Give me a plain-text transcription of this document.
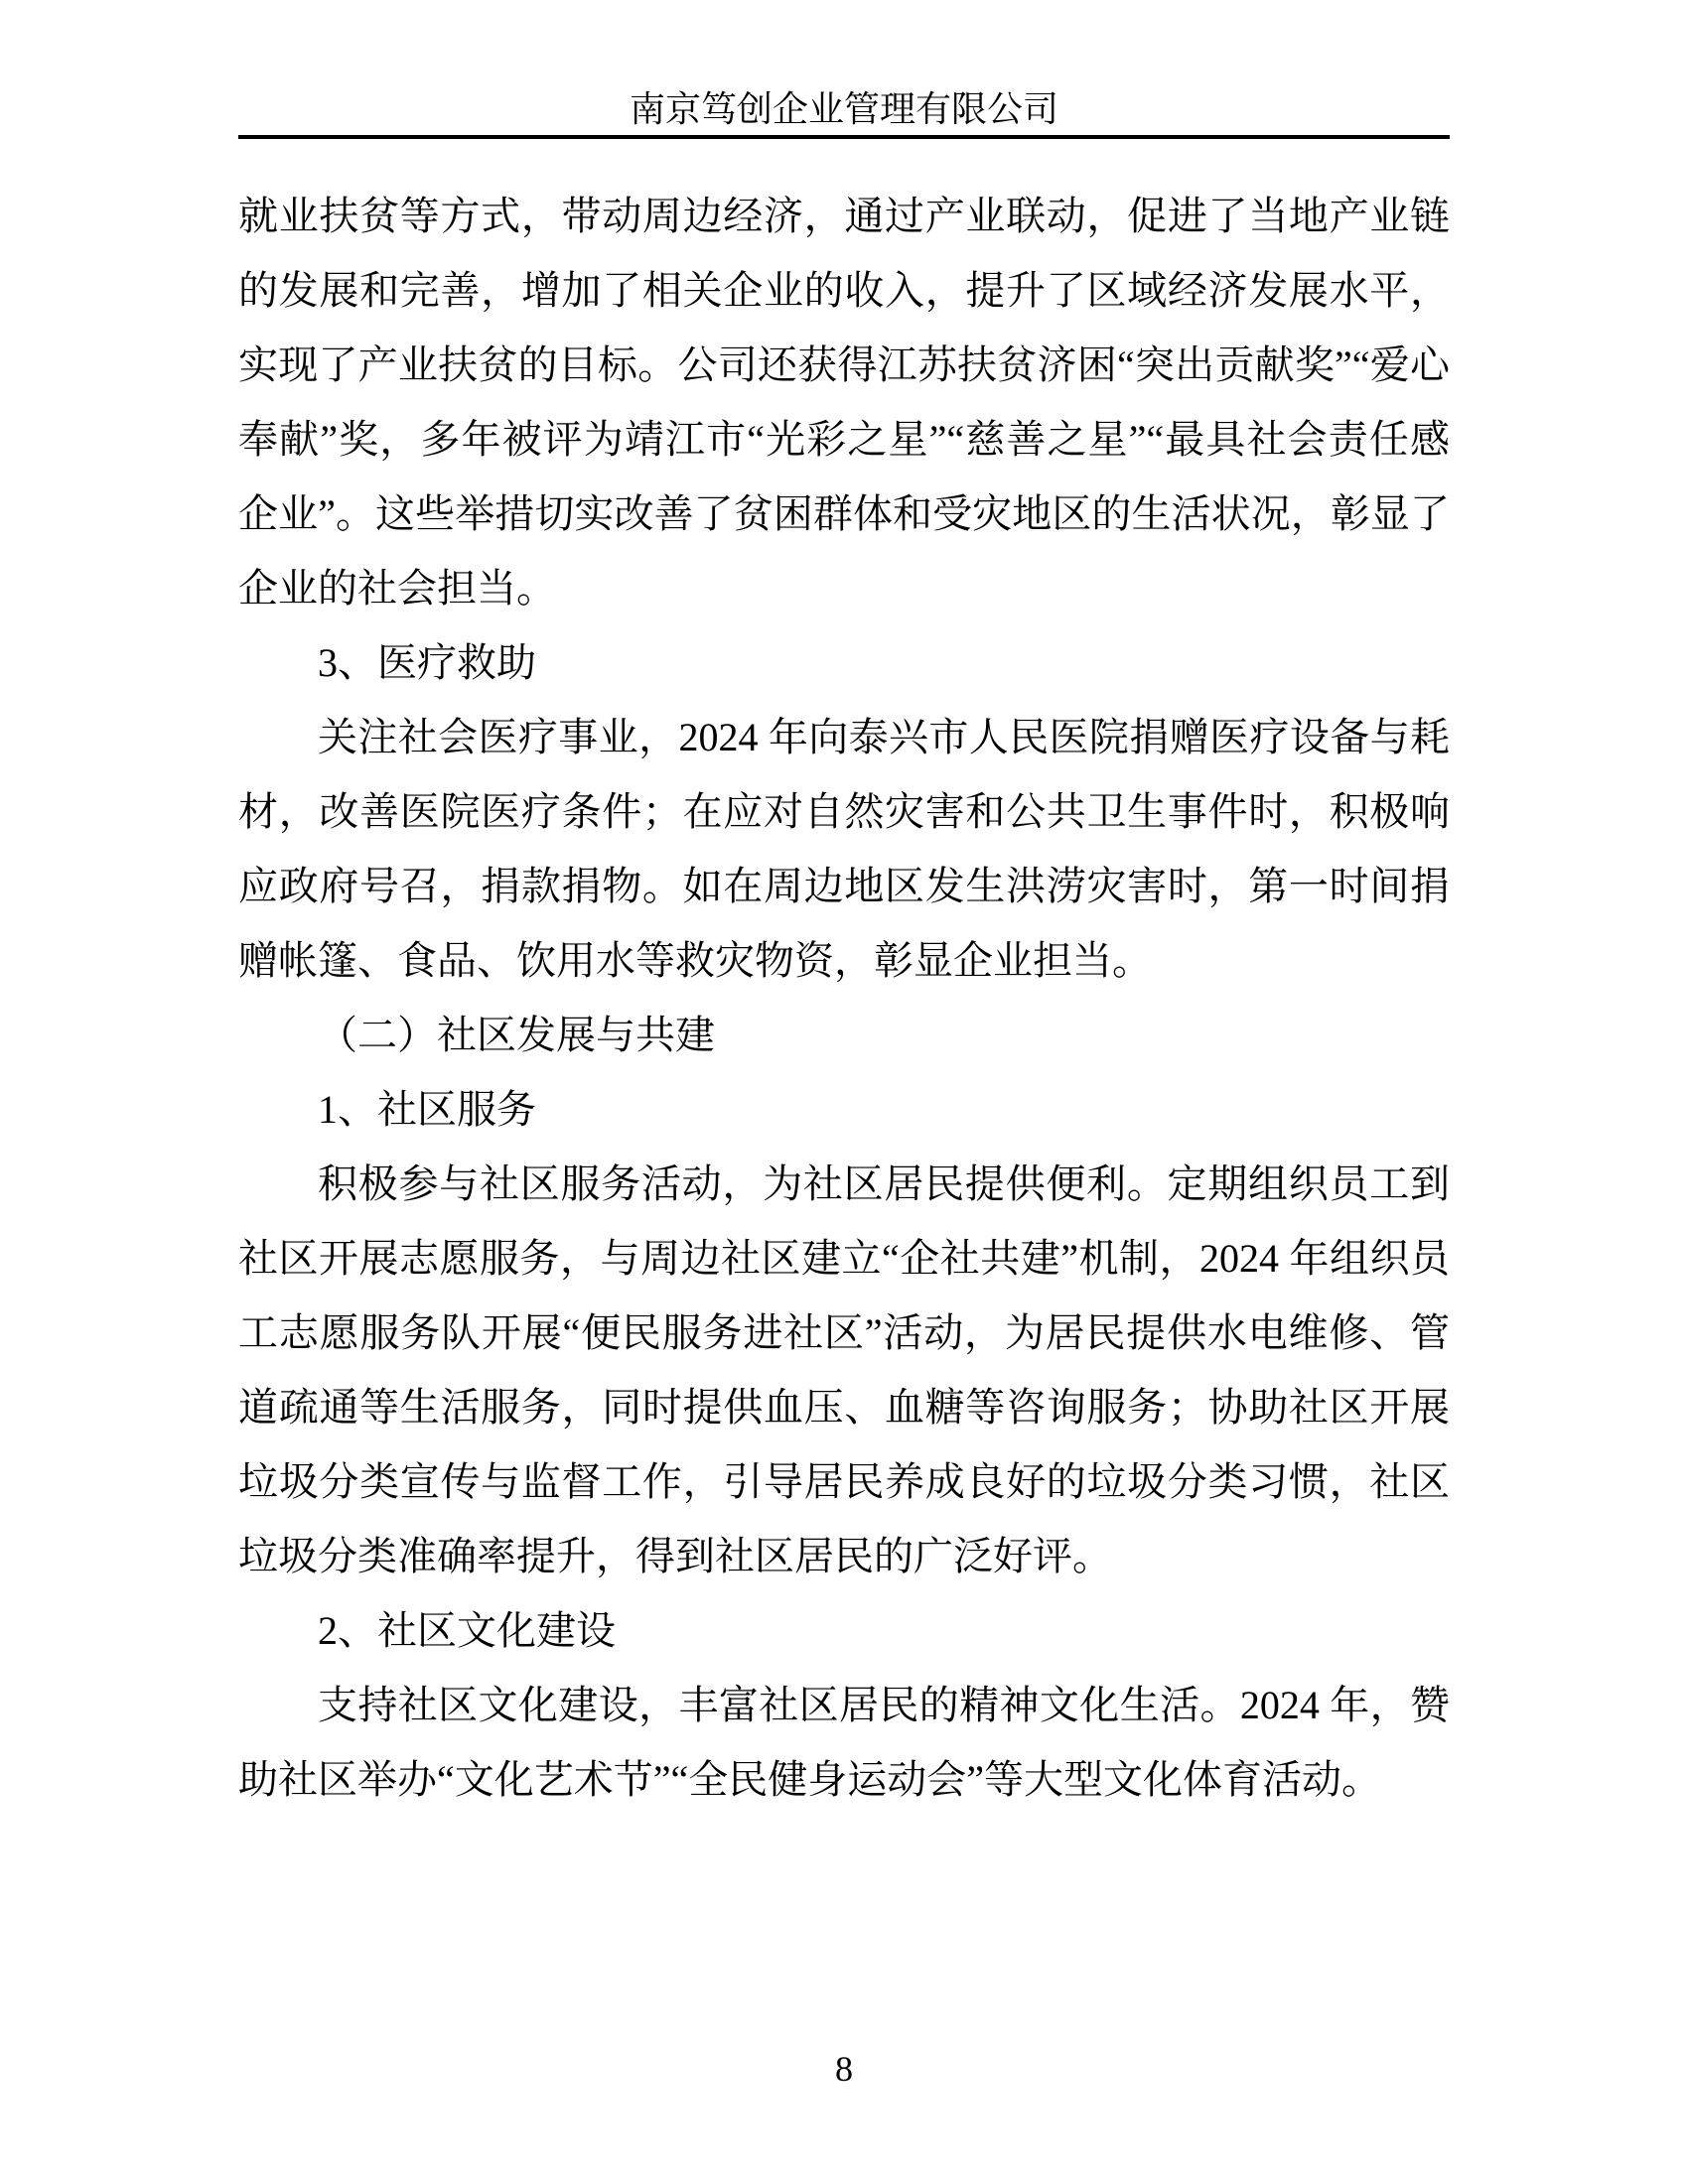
南京笃创企业管理有限公司

就业扶贫等方式，带动周边经济，通过产业联动，促进了当地产业链的发展和完善，增加了相关企业的收入，提升了区域经济发展水平，实现了产业扶贫的目标。公司还获得江苏扶贫济困“突出贡献奖”“爱心奉献”奖，多年被评为靖江市“光彩之星”“慈善之星”“最具社会责任感企业”。这些举措切实改善了贫困群体和受灾地区的生活状况，彰显了企业的社会担当。

3、医疗救助

关注社会医疗事业，2024 年向泰兴市人民医院捐赠医疗设备与耗材，改善医院医疗条件；在应对自然灾害和公共卫生事件时，积极响应政府号召，捐款捐物。如在周边地区发生洪涝灾害时，第一时间捐赠帐篷、食品、饮用水等救灾物资，彰显企业担当。

（二）社区发展与共建

1、社区服务

积极参与社区服务活动，为社区居民提供便利。定期组织员工到社区开展志愿服务，与周边社区建立“企社共建”机制，2024 年组织员工志愿服务队开展“便民服务进社区”活动，为居民提供水电维修、管道疏通等生活服务，同时提供血压、血糖等咨询服务；协助社区开展垃圾分类宣传与监督工作，引导居民养成良好的垃圾分类习惯，社区垃圾分类准确率提升，得到社区居民的广泛好评。

2、社区文化建设

支持社区文化建设，丰富社区居民的精神文化生活。2024 年，赞助社区举办“文化艺术节”“全民健身运动会”等大型文化体育活动。

8
